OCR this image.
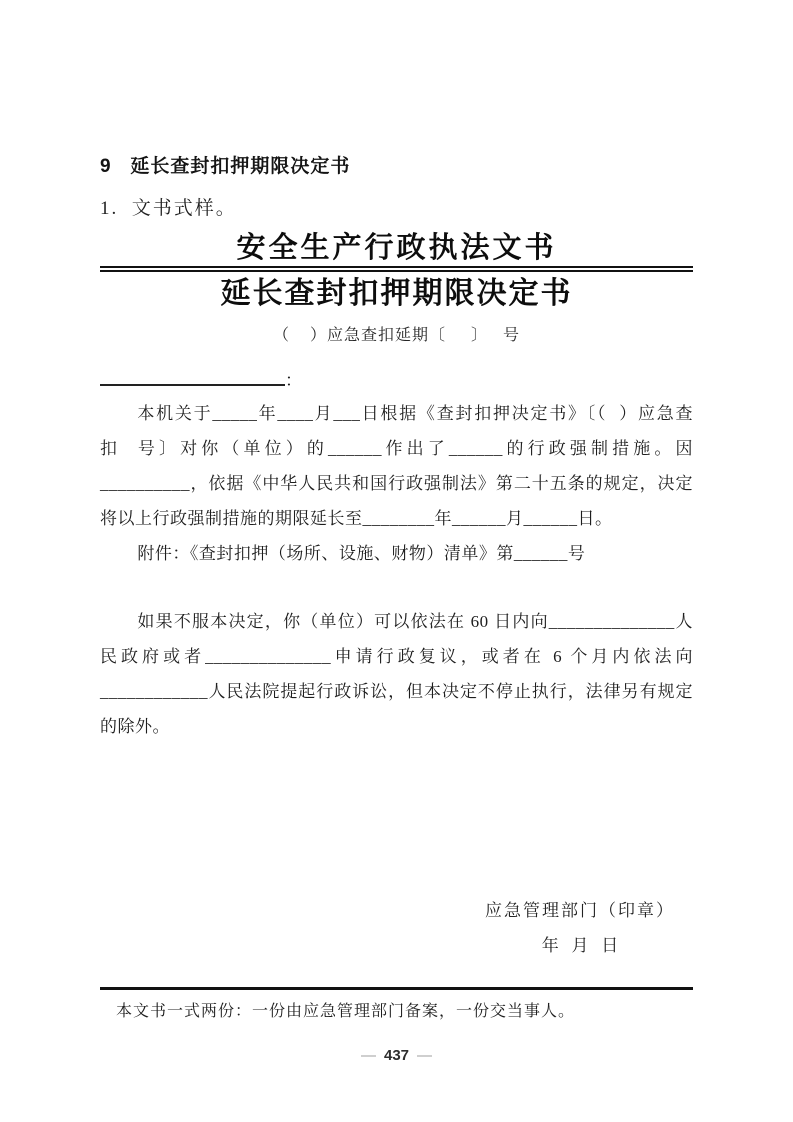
9   延长查封扣押期限决定书
1.  文书式样。
安全生产行政执法文书
延长查封扣押期限决定书
（    ）应急查扣延期〔     〕   号
：

本机关于_____年____月___日根据《查封扣押决定书》〔（  ）应急查扣  号〕对你（单位）的______作出了______的行政强制措施。因__________，依据《中华人民共和国行政强制法》第二十五条的规定，决定将以上行政强制措施的期限延长至________年______月______日。

附件：《查封扣押（场所、设施、财物）清单》第______号

如果不服本决定，你（单位）可以依法在 60 日内向______________人民政府或者______________申请行政复议，或者在 6 个月内依法向____________人民法院提起行政诉讼，但本决定不停止执行，法律另有规定的除外。

应急管理部门（印章）
年   月   日
本文书一式两份：一份由应急管理部门备案，一份交当事人。
— 437 —
